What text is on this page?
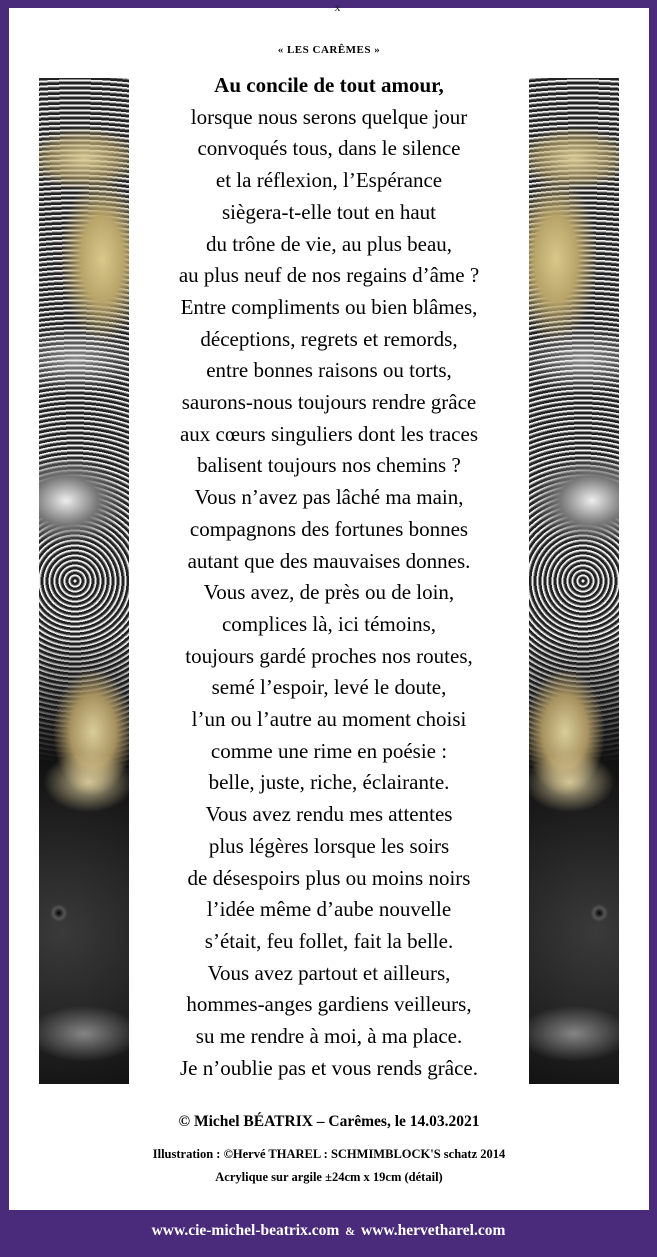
x
« LES CARÊMES »
Au concile de tout amour,
lorsque nous serons quelque jour
convoqués tous, dans le silence
et la réflexion, l’Espérance
siègera-t-elle tout en haut
du trône de vie, au plus beau,
au plus neuf de nos regains d’âme ?
Entre compliments ou bien blâmes,
déceptions, regrets et remords,
entre bonnes raisons ou torts,
saurons-nous toujours rendre grâce
aux cœurs singuliers dont les traces
balisent toujours nos chemins ?
Vous n’avez pas lâché ma main,
compagnons des fortunes bonnes
autant que des mauvaises donnes.
Vous avez, de près ou de loin,
complices là, ici témoins,
toujours gardé proches nos routes,
semé l’espoir, levé le doute,
l’un ou l’autre au moment choisi
comme une rime en poésie :
belle, juste, riche, éclairante.
Vous avez rendu mes attentes
plus légères lorsque les soirs
de désespoirs plus ou moins noirs
l’idée même d’aube nouvelle
s’était, feu follet, fait la belle.
Vous avez partout et ailleurs,
hommes-anges gardiens veilleurs,
su me rendre à moi, à ma place.
Je n’oublie pas et vous rends grâce.
© Michel BÉATRIX – Carêmes, le 14.03.2021
Illustration : ©Hervé THAREL : SCHMIMBLOCK'S schatz 2014
Acrylique sur argile ±24cm x 19cm (détail)
www.cie-michel-beatrix.com & www.hervetharel.com
